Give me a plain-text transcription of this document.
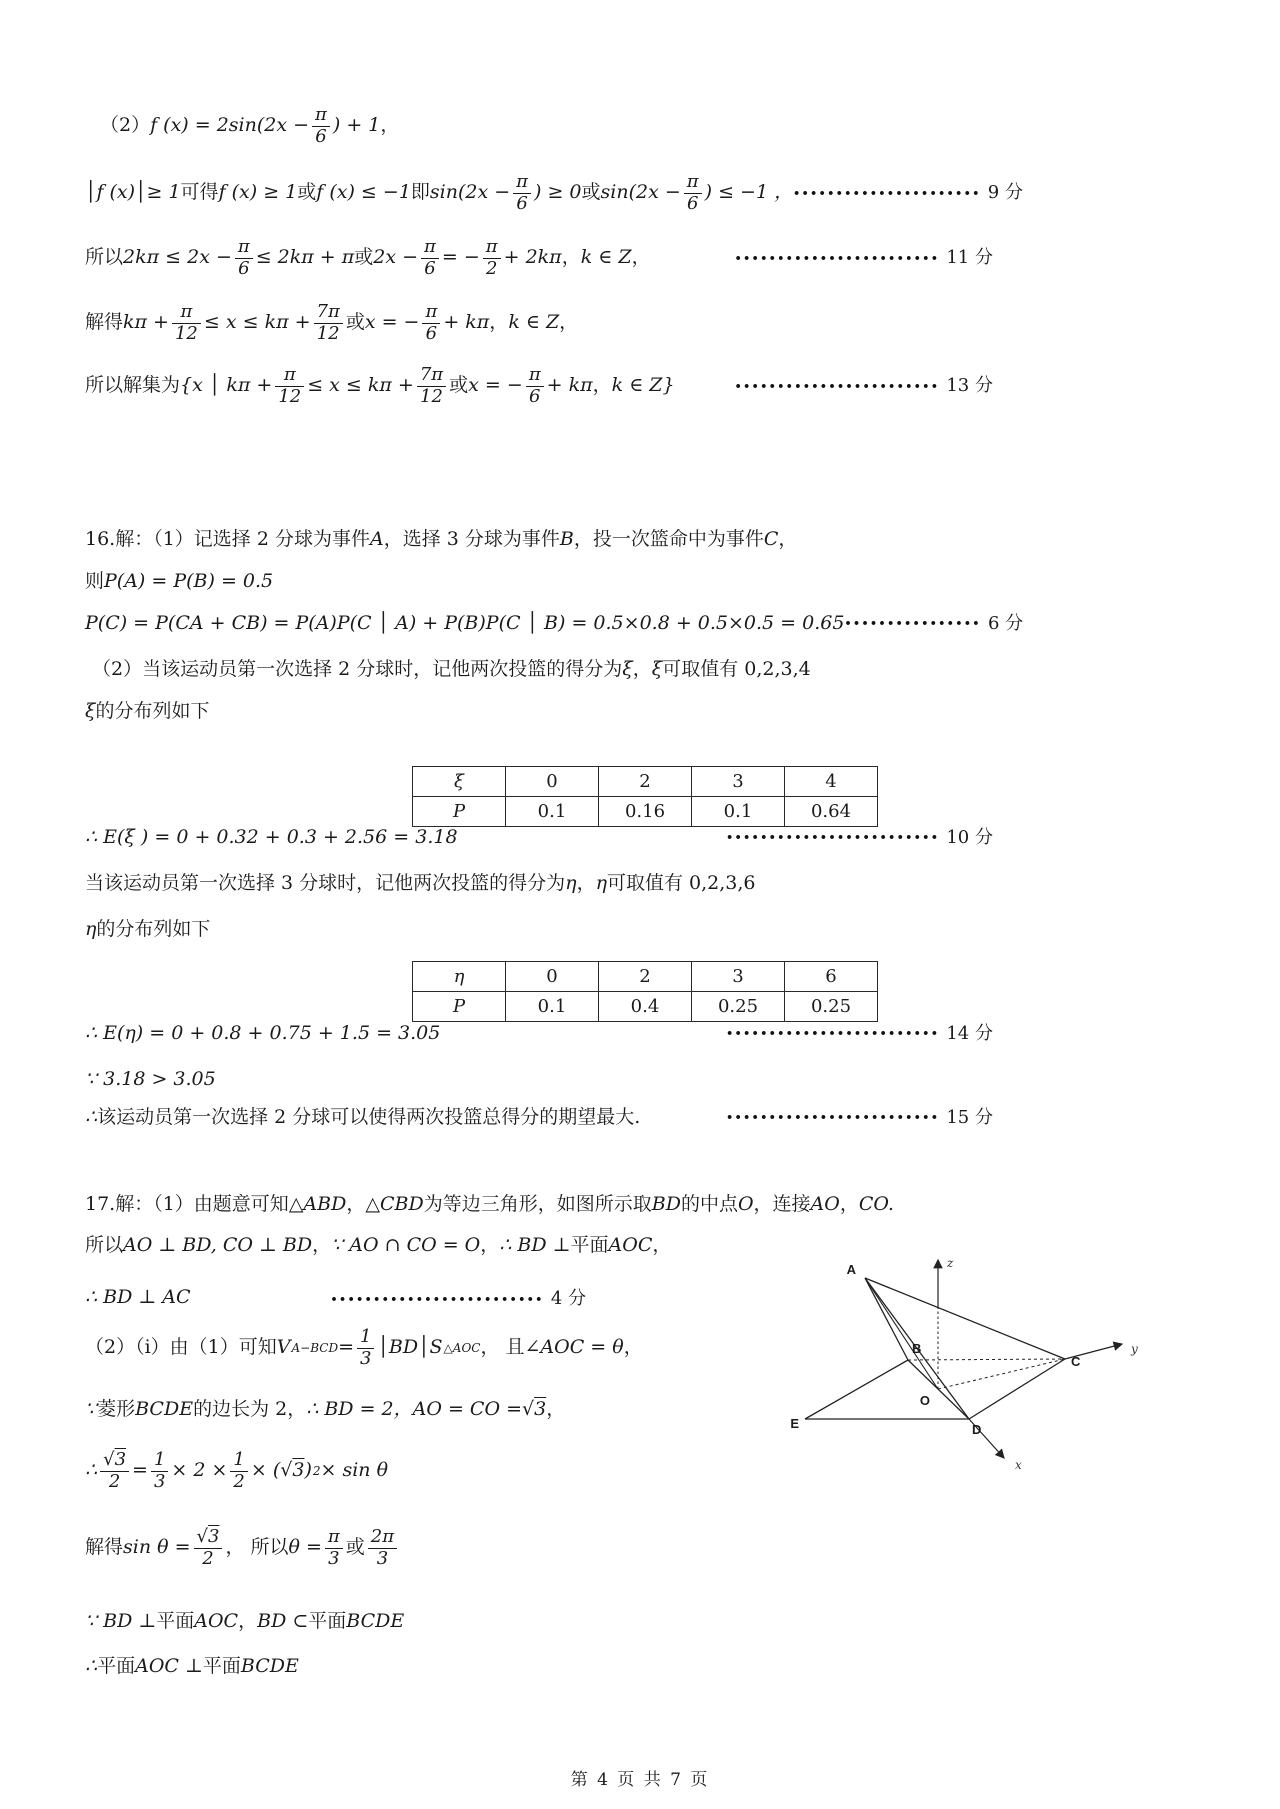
（2） f $(x) = 2\sin(2x - \frac{\pi}{6}$ ) + 1 ，
│f (x)│≥ 1 可得 f (x) ≥ 1 或 f (x) ≤ −1 即 $\sin(2x - \frac{\pi}{6}$ ) ≥ 0 或 $\sin(2x - \frac{\pi}{6}$ ) ≤ −1 ， •••••••••••••••••••••• 9 分
所以 $2k\pi \le 2x - \frac{\pi}{6} \le 2k\pi + \pi$ 或 $2x - \frac{\pi}{6}$ = − $\frac{\pi}{2} + 2k\pi$ ， k ∈ Z ，	•••••••••••••••••••••••• 11 分
解得 $k\pi + \frac{\pi}{12} \le x \le k\pi + \frac{7\pi}{12}$ 或 x = − $\frac{\pi}{6} + k\pi$ ， k ∈ Z ，
所以解集为 {x │ $k\pi + \frac{\pi}{12} \le x \le k\pi + \frac{7\pi}{12}$ 或 x = − $\frac{\pi}{6} + k\pi$ ， k ∈ Z}	•••••••••••••••••••••••• 13 分
16.解：（1）记选择 2 分球为事件 A ，选择 3 分球为事件 B ，投一次篮命中为事件 C ，
则 P(A) = P(B) = 0.5
P(C) = P(CA + CB) = P(A)P(C │ A) + P(B)P(C │ B) = 0.5×0.8 + 0.5×0.5 = 0.65 •••••••••••••••• 6 分
（2）当该运动员第一次选择 2 分球时，记他两次投篮的得分为 ξ ， ξ 可取值有 0,2,3,4
ξ 的分布列如下
ξ	0	2	3	4
P	0.1	0.16	0.1	0.64
∴ E(ξ ) = 0 + 0.32 + 0.3 + 2.56 = 3.18	••••••••••••••••••••••••• 10 分
当该运动员第一次选择 3 分球时，记他两次投篮的得分为 η ， η 可取值有 0,2,3,6
η 的分布列如下
η	0	2	3	6
P	0.1	0.4	0.25	0.25
∴ E(η) = 0 + 0.8 + 0.75 + 1.5 = 3.05	••••••••••••••••••••••••• 14 分
∵ 3.18 > 3.05
∴ 该运动员第一次选择 2 分球可以使得两次投篮总得分的期望最大.	••••••••••••••••••••••••• 15 分
17.解：（1）由题意可知 △ABD ， △CBD 为等边三角形，如图所示取 BD 的中点 O ，连接 AO ， CO.
所以 AO ⊥ BD, CO ⊥ BD ， ∵ AO ∩ CO = O ， ∴ BD ⊥ 平面 AOC ，
∴ BD ⊥ AC	••••••••••••••••••••••••• 4 分
（2）（i）由（1）可知 V $A-BCD = \frac{1}{3}$ │BD│S △AOC ， 且 ∠AOC = θ ，
∵ 菱形 BCDE 的边长为 2， ∴ BD = 2，AO = CO = √3 ，
∴ $\frac{√3}{2} = \frac{1}{3} \times 2 \times \frac{1}{2}$ × ( √3 ) 2 × sin θ
解得 $\sin \theta = \frac{√3}{2}$ ， 所以 $\theta = \frac{\pi}{3}$ 或 $\frac{2\pi}{3}$
∵ BD ⊥ 平面 AOC ， BD ⊂ 平面 BCDE
∴ 平面 AOC ⊥ 平面 BCDE
A
B
C
D
E
O
x
y
z
第 4 页 共 7 页
